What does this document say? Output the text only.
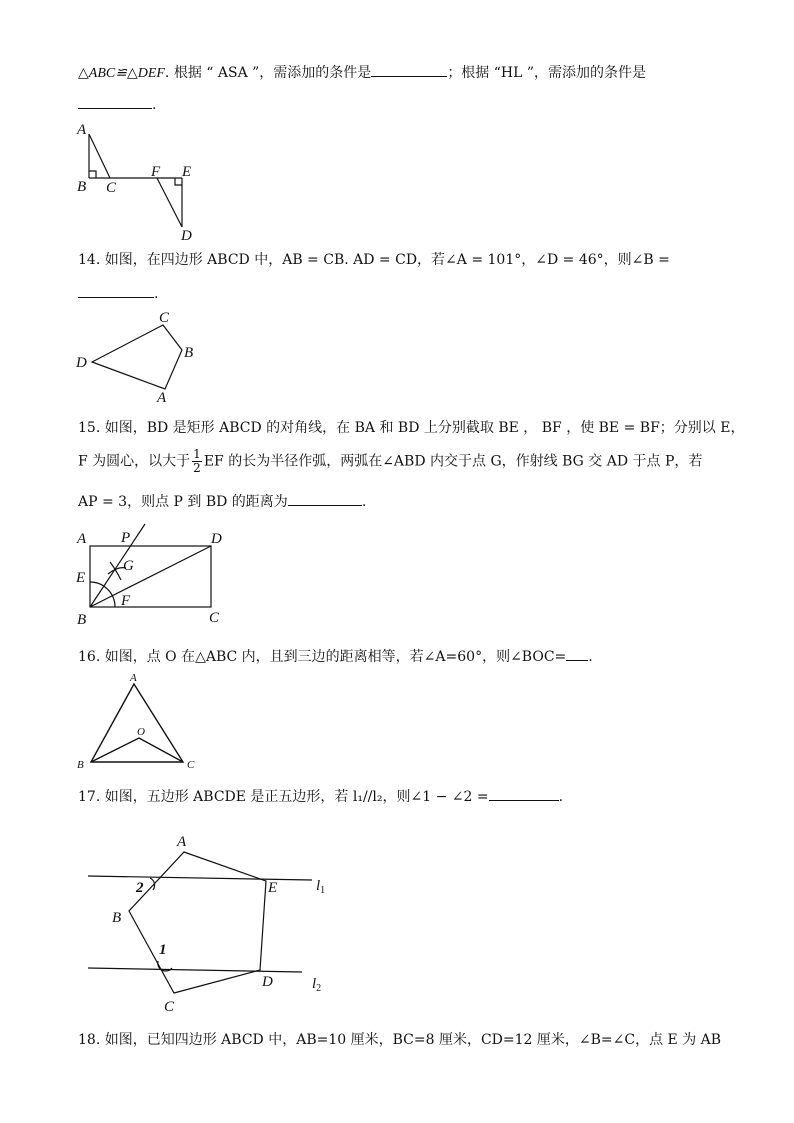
△ABC≌△DEF. 根据 “ ASA ”，需添加的条件是	；根据 “HL ”，需添加的条件是
.
A
B C
F E
D
14. 如图，在四边形 ABCD 中，AB = CB. AD = CD，若∠A = 101°，∠D = 46°，则∠B =
.
C
B
D
A
15. 如图，BD 是矩形 ABCD 的对角线，在 BA 和 BD 上分别截取 BE ， BF ，使 BE = BF；分别以 E，
F 为圆心，以大于 $\frac{1}{2}$ EF 的长为半径作弧，两弧在∠ABD 内交于点 G，作射线 BG 交 AD 于点 P，若
AP = 3，则点 P 到 BD 的距离为	.
A P	D
E
G
F
B	C
16. 如图，点 O 在△ABC 内，且到三边的距离相等，若∠A=60°，则∠BOC= .
A
O
B	C
17. 如图，五边形 ABCDE 是正五边形，若 l₁//l₂，则∠1 − ∠2 =	.
A
E
B
D
C
2
1
$l_1$
$l_2$
18. 如图，已知四边形 ABCD 中，AB=10 厘米，BC=8 厘米，CD=12 厘米，∠B=∠C，点 E 为 AB
